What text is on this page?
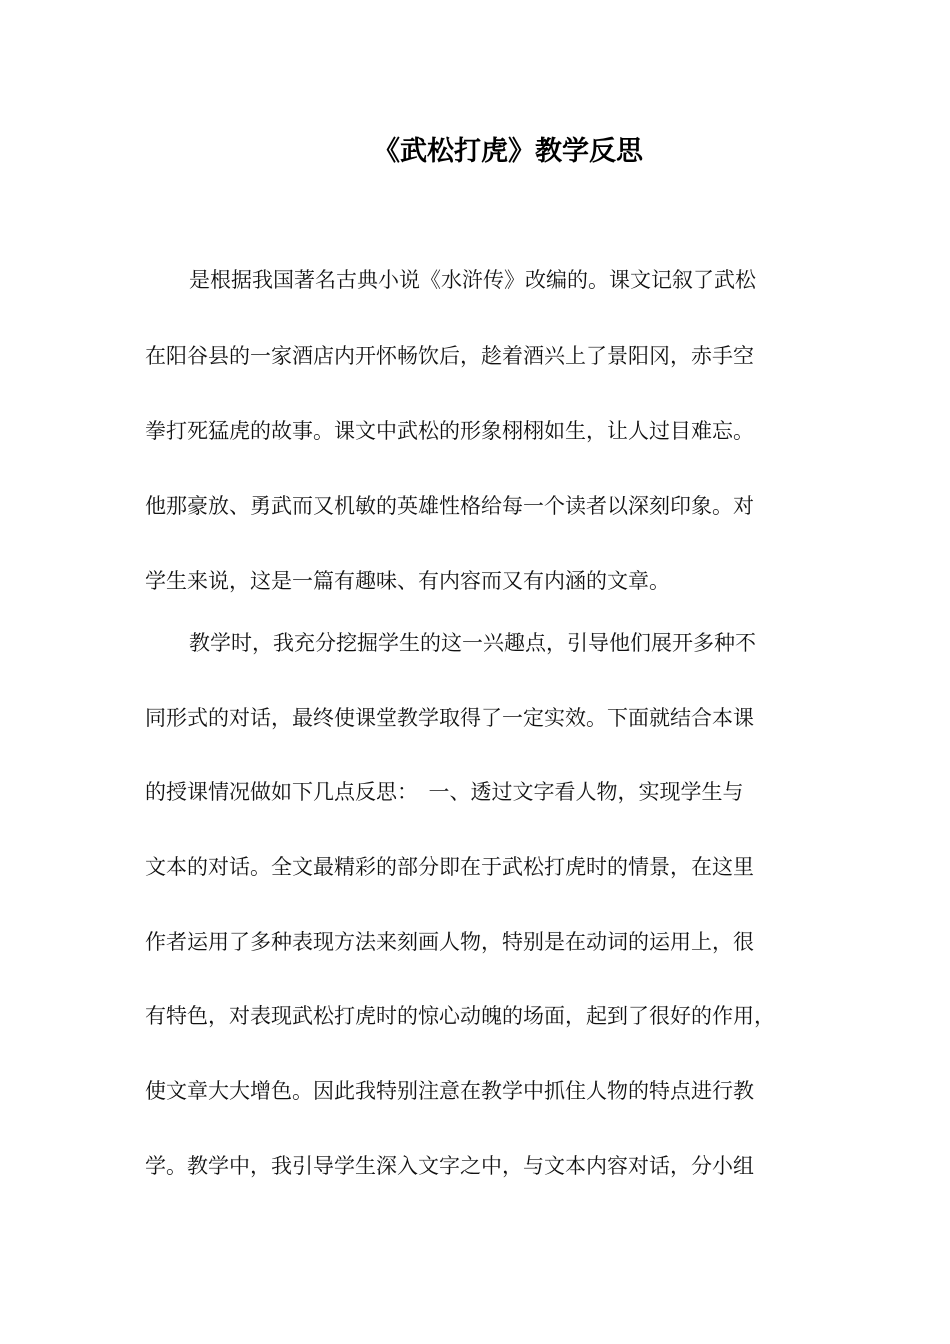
《武松打虎》教学反思

是根据我国著名古典小说《水浒传》改编的。课文记叙了武松

在阳谷县的一家酒店内开怀畅饮后，趁着酒兴上了景阳冈，赤手空

拳打死猛虎的故事。课文中武松的形象栩栩如生，让人过目难忘。

他那豪放、勇武而又机敏的英雄性格给每一个读者以深刻印象。对

学生来说，这是一篇有趣味、有内容而又有内涵的文章。

教学时，我充分挖掘学生的这一兴趣点，引导他们展开多种不

同形式的对话，最终使课堂教学取得了一定实效。下面就结合本课

的授课情况做如下几点反思：　一、透过文字看人物，实现学生与

文本的对话。全文最精彩的部分即在于武松打虎时的情景，在这里

作者运用了多种表现方法来刻画人物，特别是在动词的运用上，很

有特色，对表现武松打虎时的惊心动魄的场面，起到了很好的作用，

使文章大大增色。因此我特别注意在教学中抓住人物的特点进行教

学。教学中，我引导学生深入文字之中，与文本内容对话，分小组
